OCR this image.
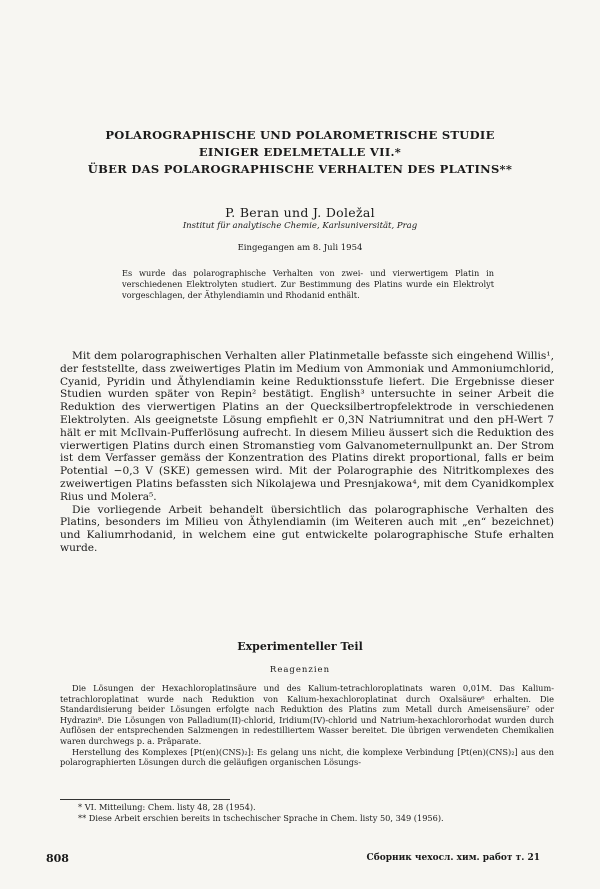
POLAROGRAPHISCHE UND POLAROMETRISCHE STUDIE
EINIGER EDELMETALLE VII.*
ÜBER DAS POLAROGRAPHISCHE VERHALTEN DES PLATINS**
P. Beran und J. Doležal
Institut für analytische Chemie, Karlsuniversität, Prag
Eingegangen am 8. Juli 1954
Es wurde das polarographische Verhalten von zwei- und vierwertigem Platin in verschiedenen Elektrolyten studiert. Zur Bestimmung des Platins wurde ein Elektrolyt vorgeschlagen, der Äthylendiamin und Rhodanid enthält.

Mit dem polarographischen Verhalten aller Platinmetalle befasste sich eingehend Willis¹, der feststellte, dass zweiwertiges Platin im Medium von Ammoniak und Ammoniumchlorid, Cyanid, Pyridin und Äthylendiamin keine Reduktionsstufe liefert. Die Ergebnisse dieser Studien wurden später von Repin² bestätigt. English³ untersuchte in seiner Arbeit die Reduktion des vierwertigen Platins an der Quecksilbertropfelektrode in verschiedenen Elektrolyten. Als geeignetste Lösung empfiehlt er 0,3N Natriumnitrat und den pH-Wert 7 hält er mit McIlvain-Pufferlösung aufrecht. In diesem Milieu äussert sich die Reduktion des vierwertigen Platins durch einen Stromanstieg vom Galvanometernullpunkt an. Der Strom ist dem Verfasser gemäss der Konzentration des Platins direkt proportional, falls er beim Potential −0,3 V (SKE) gemessen wird. Mit der Polarographie des Nitritkomplexes des zweiwertigen Platins befassten sich Nikolajewa und Presnjakowa⁴, mit dem Cyanidkomplex Rius und Molera⁵.

Die vorliegende Arbeit behandelt übersichtlich das polarographische Verhalten des Platins, besonders im Milieu von Äthylendiamin (im Weiteren auch mit „en“ bezeichnet) und Kaliumrhodanid, in welchem eine gut entwickelte polarographische Stufe erhalten wurde.

Experimenteller Teil
Reagenzien

Die Lösungen der Hexachloroplatinsäure und des Kalium-tetrachloroplatinats waren 0,01M. Das Kalium-tetrachloroplatinat wurde nach Reduktion von Kalium-hexachloroplatinat durch Oxalsäure⁶ erhalten. Die Standardisierung beider Lösungen erfolgte nach Reduktion des Platins zum Metall durch Ameisensäure⁷ oder Hydrazin⁸. Die Lösungen von Palladium(II)-chlorid, Iridium(IV)-chlorid und Natrium-hexachlororhodat wurden durch Auflösen der entsprechenden Salzmengen in redestilliertem Wasser bereitet. Die übrigen verwendeten Chemikalien waren durchwegs p. a. Präparate.

Herstellung des Komplexes [Pt(en)(CNS)₂]: Es gelang uns nicht, die komplexe Verbindung [Pt(en)(CNS)₂] aus den polarographierten Lösungen durch die geläufigen organischen Lösungs-

* VI. Mitteilung: Chem. listy 48, 28 (1954).
** Diese Arbeit erschien bereits in tschechischer Sprache in Chem. listy 50, 349 (1956).
808	Сборник чехосл. хим. работ т. 21
